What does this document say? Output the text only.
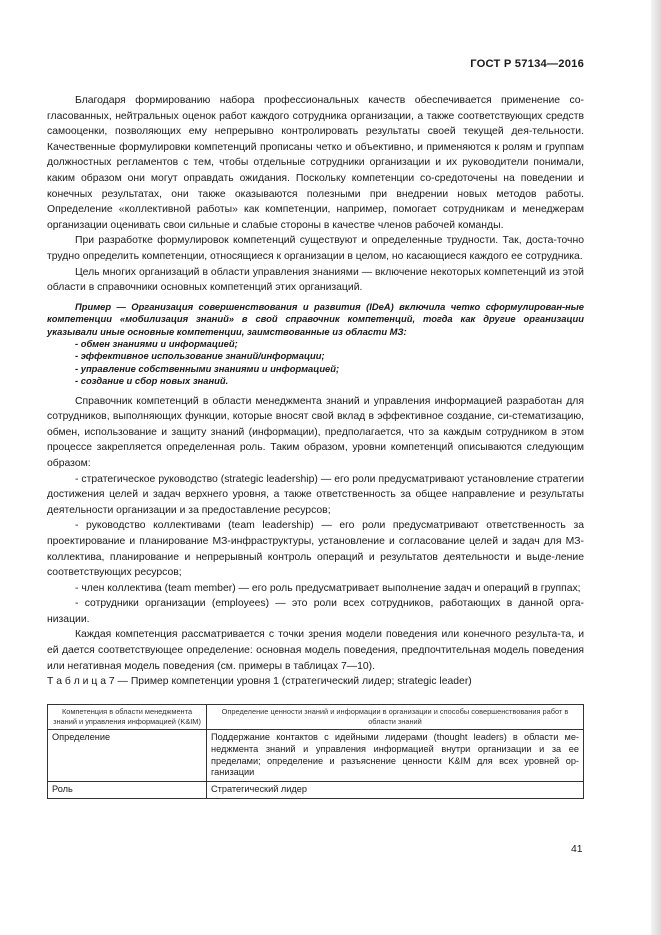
ГОСТ Р 57134—2016

Благодаря формированию набора профессиональных качеств обеспечивается применение со-гласованных, нейтральных оценок работ каждого сотрудника организации, а также соответствующих средств самооценки, позволяющих ему непрерывно контролировать результаты своей текущей дея-тельности. Качественные формулировки компетенций прописаны четко и объективно, и применяются к ролям и группам должностных регламентов с тем, чтобы отдельные сотрудники организации и их руководители понимали, каким образом они могут оправдать ожидания. Поскольку компетенции со-средоточены на поведении и конечных результатах, они также оказываются полезными при внедрении новых методов работы. Определение «коллективной работы» как компетенции, например, помогает сотрудникам и менеджерам организации оценивать свои сильные и слабые стороны в качестве членов рабочей команды.

При разработке формулировок компетенций существуют и определенные трудности. Так, доста-точно трудно определить компетенции, относящиеся к организации в целом, но касающиеся каждого ее сотрудника.

Цель многих организаций в области управления знаниями — включение некоторых компетенций из этой области в справочники основных компетенций этих организаций.

Пример — Организация совершенствования и развития (IDeA) включила четко сформулирован-ные компетенции «мобилизация знаний» в свой справочник компетенций, тогда как другие организации указывали иные основные компетенции, заимствованные из области МЗ:

- обмен знаниями и информацией;

- эффективное использование знаний/информации;

- управление собственными знаниями и информацией;

- создание и сбор новых знаний.

Справочник компетенций в области менеджмента знаний и управления информацией разработан для сотрудников, выполняющих функции, которые вносят свой вклад в эффективное создание, си-стематизацию, обмен, использование и защиту знаний (информации), предполагается, что за каждым сотрудником в этом процессе закрепляется определенная роль. Таким образом, уровни компетенций описываются следующим образом:

- стратегическое руководство (strategic leadership) — его роли предусматривают установление стратегии достижения целей и задач верхнего уровня, а также ответственность за общее направление и результаты деятельности организации и за предоставление ресурсов;

- руководство коллективами (team leadership) — его роли предусматривают ответственность за проектирование и планирование МЗ-инфраструктуры, установление и согласование целей и задач для МЗ-коллектива, планирование и непрерывный контроль операций и результатов деятельности и выде-ление соответствующих ресурсов;

- член коллектива (team member) — его роль предусматривает выполнение задач и операций в группах;

- сотрудники организации (employees) — это роли всех сотрудников, работающих в данной орга-низации.

Каждая компетенция рассматривается с точки зрения модели поведения или конечного результа-та, и ей дается соответствующее определение: основная модель поведения, предпочтительная модель поведения или негативная модель поведения (см. примеры в таблицах 7—10).

Т а б л и ц а 7 — Пример компетенции уровня 1 (стратегический лидер; strategic leader)

Компетенция в области менеджмента знаний и управления информацией (K&IM)	Определение ценности знаний и информации в организации и способы совершенствования работ в области знаний
Определение	Поддержание контактов с идейными лидерами (thought leaders) в области ме-неджмента знаний и управления информацией внутри организации и за ее пределами; определение и разъяснение ценности K&IM для всех уровней ор-ганизации
Роль	Стратегический лидер
41
